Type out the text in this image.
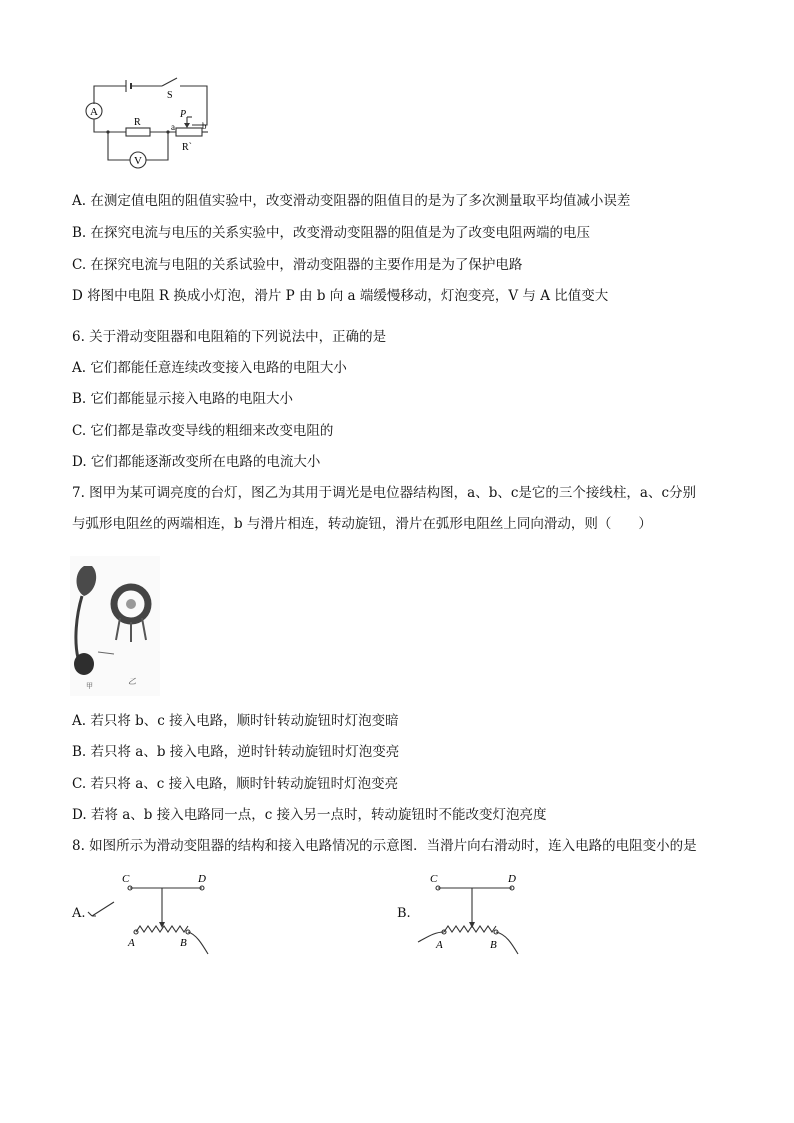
A
S
R
V
P
a	b
R`
A. 在测定值电阻的阻值实验中，改变滑动变阻器的阻值目的是为了多次测量取平均值减小误差
B. 在探究电流与电压的关系实验中，改变滑动变阻器的阻值是为了改变电阻两端的电压
C. 在探究电流与电阻的关系试验中，滑动变阻器的主要作用是为了保护电路
D 将图中电阻 R 换成小灯泡，滑片 P 由 b 向 a 端缓慢移动，灯泡变亮，V 与 A 比值变大
6. 关于滑动变阻器和电阻箱的下列说法中，正确的是
A. 它们都能任意连续改变接入电路的电阻大小
B. 它们都能显示接入电路的电阻大小
C. 它们都是靠改变导线的粗细来改变电阻的
D. 它们都能逐渐改变所在电路的电流大小
7. 图甲为某可调亮度的台灯，图乙为其用于调光是电位器结构图，a、b、c是它的三个接线柱，a、c分别
与弧形电阻丝的两端相连，b 与滑片相连，转动旋钮，滑片在弧形电阻丝上同向滑动，则（　　）
甲	乙
A. 若只将 b、c 接入电路，顺时针转动旋钮时灯泡变暗
B. 若只将 a、b 接入电路，逆时针转动旋钮时灯泡变亮
C. 若只将 a、c 接入电路，顺时针转动旋钮时灯泡变亮
D. 若将 a、b 接入电路同一点，c 接入另一点时，转动旋钮时不能改变灯泡亮度
8. 如图所示为滑动变阻器的结构和接入电路情况的示意图．当滑片向右滑动时，连入电路的电阻变小的是
A.
C	D
A	B
B.
C	D
A	B
